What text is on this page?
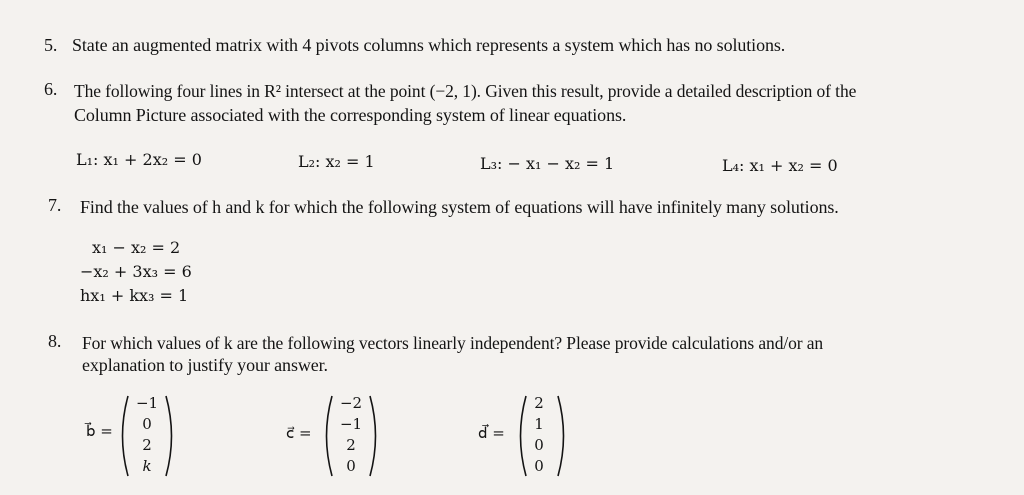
5. State an augmented matrix with 4 pivots columns which represents a system which has no solutions.
6. The following four lines in R² intersect at the point (−2, 1). Given this result, provide a detailed description of the
Column Picture associated with the corresponding system of linear equations.
L₁: x₁ + 2x₂ = 0	L₂: x₂ = 1	L₃: − x₁ − x₂ = 1	L₄: x₁ + x₂ = 0
7. Find the values of h and k for which the following system of equations will have infinitely many solutions.
x₁ − x₂ = 2
−x₂ + 3x₃ = 6
hx₁ + kx₃ = 1
8. For which values of k are the following vectors linearly independent? Please provide calculations and/or an
explanation to justify your answer.
b⃗ =
−1
0
2
k
c⃗ =
−2
−1
2
0
d⃗ =
2
1
0
0
